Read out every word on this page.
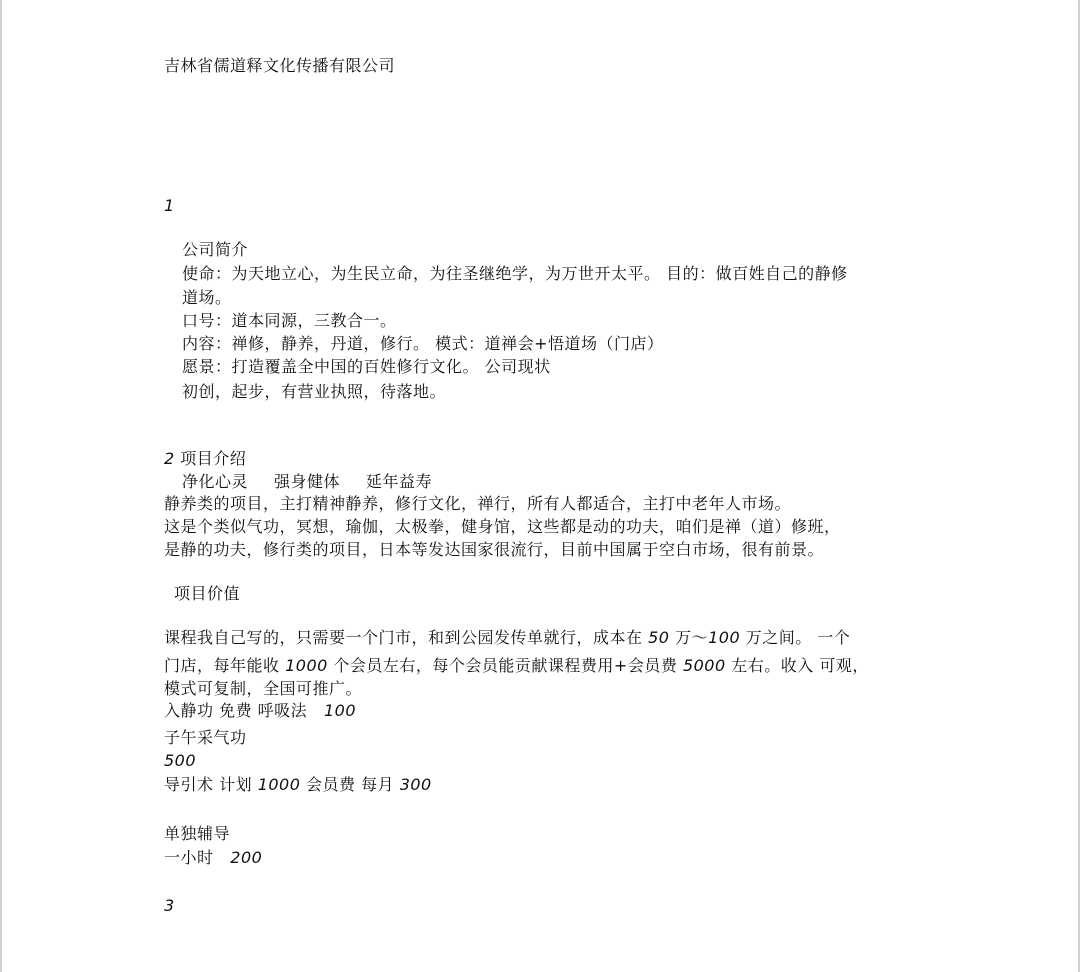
吉林省儒道释文化传播有限公司
1
公司简介
使命：为天地立心，为生民立命，为往圣继绝学，为万世开太平。 目的：做百姓自己的静修
道场。
口号：道本同源，三教合一。
内容：禅修，静养，丹道，修行。 模式：道禅会+悟道场（门店）
愿景：打造覆盖全中国的百姓修行文化。 公司现状
初创，起步，有营业执照，待落地。
2 项目介绍
净化心灵 强身健体 延年益寿
静养类的项目，主打精神静养，修行文化，禅行，所有人都适合，主打中老年人市场。
这是个类似气功，冥想，瑜伽，太极拳，健身馆，这些都是动的功夫，咱们是禅（道）修班，
是静的功夫，修行类的项目，日本等发达国家很流行，目前中国属于空白市场，很有前景。
项目价值
课程我自己写的，只需要一个门市，和到公园发传单就行，成本在 50 万～100 万之间。 一个
门店，每年能收 1000 个会员左右，每个会员能贡献课程费用+会员费 5000 左右。收入 可观，
模式可复制，全国可推广。
入静功 免费 呼吸法 100
子午采气功
500
导引术 计划 1000 会员费 每月 300
单独辅导
一小时 200
3
